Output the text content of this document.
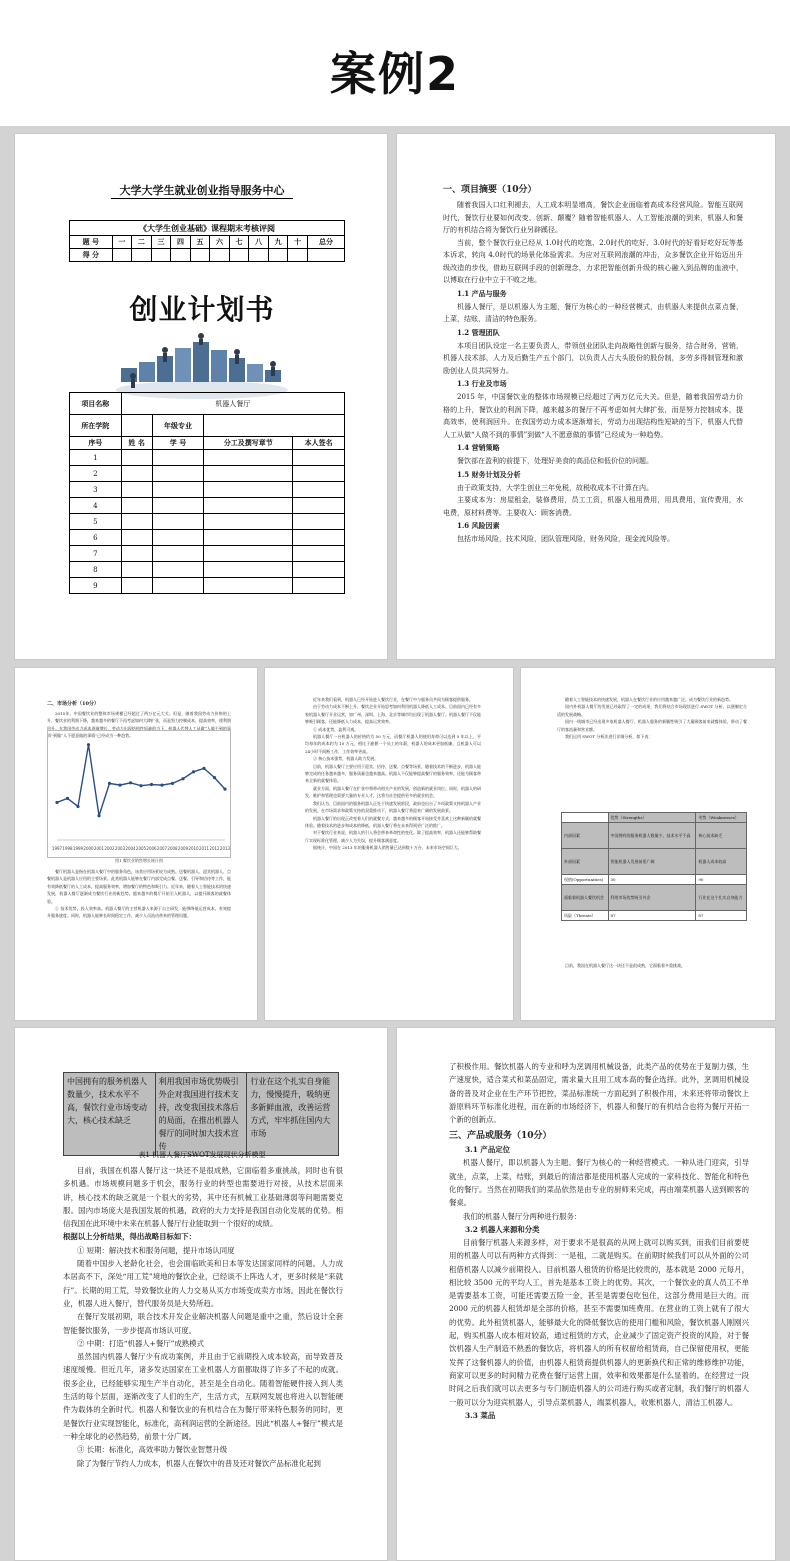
案例2
大学大学生就业创业指导服务中心
《大学生创业基础》课程期末考核评阅											
题 号	一	二	三	四	五	六	七	八	九	十	总分
得 分											
创业计划书
项目名称	机器人餐厅			
所在学院		年级专业		
序号	姓 名	学 号	分工及撰写章节	本人签名
1				
2				
3				
4				
5				
6				
7				
8				
9				
一、项目摘要（10分）

随着我国人口红利褪去，人工成本明显增高，餐饮企业面临着高成本经营风险。智能互联网时代，餐饮行业要如何改变、创新、颠覆？随着智能机器人、人工智能浪潮的到来，机器人和餐厅的有机结合将为餐饮行业另辟蹊径。

当前，整个餐饮行业已经从 1.0时代的吃饱、2.0时代的吃好、3.0时代的好看好吃好玩等基本诉求，转向 4.0时代的场景化体验需求。为应对互联网浪潮的冲击，众多餐饮企业开始迈出升级改造的步伐，借助互联网手段的创新理念，力求把智能创新升级的核心融入到品牌的血液中，以博取在行业中立于不败之地。

1.1 产品与服务

机器人餐厅，是以机器人为主题，餐厅为核心的一种经营模式，由机器人来提供点菜点餐，上菜，结账，清洁的特色服务。

1.2 管理团队

本项目团队设定一名主要负责人，带领创业团队走向战略性创新与服务，结合财务，营销，机器人技术部，人力及后勤生产五个部门，以负责人占大头股份的股份制，多劳多得制管理和激励创业人员共同努力。

1.3 行业及市场

2015 年，中国餐饮业的整体市场规模已经超过了两万亿元大关。但是，随着我国劳动力价格的上升，餐饮业的利润下降，越来越多的餐厅不再考虑如何大肆扩张，而是努力控制成本，提高效率，使利润回升。在我国劳动力成本逐渐增长，劳动力出现结构性短缺的当下，机器人代替人工从做“人做不到的事情”到做“人不愿意做的事情”已经成为一种趋势。

1.4 营销策略

餐饮部在盈利的前提下，处理好美食的高品位和低价位的问题。

1.5 财务计划及分析

由于政策支持，大学生创业三年免税，故税收成本不计算在内。

主要成本为：房屋租金，装修费用，员工工资，机器人租用费用，用具费用，宣传费用，水电费，原材料费等。主要收入：顾客消费。

1.6 风险因素

包括市场风险，技术风险，团队管理风险，财务风险，现金流风险等。

二、市场分析（10分）

2015年，中国餐饮业的整体市场规模已经超过了两万亿元大关。但是，随着我国劳动力价格的上升，餐饮业的利润下降，越来越多的餐厅不再考虑如何大肆扩张，而是努力控制成本，提高效率，使利润回升。在我国劳动力成本逐渐增长，劳动力出现结构性短缺的当下，机器人代替人工从做“人做不到的事情”到做“人不愿意做的事情”已经成为一种趋势。

1997 1998 1999 2000 2001 2002 2003 2004 2005 2006 2007 2008 2009 2010 2011 2012 2013
图1 餐饮业销售增长统计图

餐厅机器人是指在机器人餐厅中的服务角色，该类应用场景较为成熟。送餐机器人、迎宾机器人、点餐机器人是机器人应用的主要场景。此类机器人能够在餐厅内部完成点餐、送餐、引导和招待等工作，能有效降低餐厅的人工成本，提高服务效率，增加餐厅的特色和吸引力。近年来，随着人工智能技术的快速发展，机器人餐厅逐渐成为餐饮行业的新趋势。越来越多的餐厅开始引入机器人，以提升顾客的就餐体验。

① 技术优势，投入效率高。机器人餐厅的主营机器人来源于自主研发，能够降低运营成本，有效提升服务速度。同时，机器人能够长时间稳定工作，减少人员流动带来的管理问题。

近年来我们看到，机器人已经开始进入餐饮行业，在餐厅中与服务员共同为顾客提供服务。

由于劳动力成本不断上升，餐饮企业开始思考如何利用机器人降低人工成本。目前国内已经有多家机器人餐厅开业运营，如广州、深圳、上海、北京等城市均出现了机器人餐厅。机器人餐厅不仅能够吸引顾客，还能降低人力成本，提高运营效率。

① 成本优势，盈利可观。

机器人餐厅一台机器人的价格约为 50 万元，而餐厅机器人的使用寿命可以达到 5 年以上，平均每年的成本约为 10 万元，相比于雇佣一个员工的年薪，机器人的成本更加低廉，且机器人可以24小时不间断工作，工作效率更高。

② 核心技术强势，机器人助力发展。

目前，机器人餐厅主要应用于迎宾、招待、送餐、点餐等场景，随着技术的不断进步，机器人能够完成的任务越来越多，服务质量也越来越高。机器人不仅能够提高餐厅的服务效率，还能为顾客带来全新的就餐体验。

就业方面，机器人餐厅在扩张中将带动相关产业的发展，创造新的就业岗位。同时，机器人的研发、维护和管理也需要大量的专业人才，这将为社会提供更多的就业机会。

我们认为，目前国内的服务机器人正处于快速发展阶段，政府也出台了多项政策支持机器人产业的发展。在市场需求和政策支持的双重推动下，机器人餐厅将迎来广阔的发展前景。

机器人餐厅的出现正改变着人们的就餐方式，越来越多的顾客开始接受并喜欢上这种新颖的就餐体验。随着技术的进步和成本的降低，机器人餐厅将在未来得到更广泛的推广。

对于餐饮行业来说，机器人的引入将会带来革命性的变化。除了提高效率，机器人还能够帮助餐厅实现标准化管理，减少人为失误，提升顾客满意度。

据统计，中国在 2013 年的服务机器人销售量已达到数十万台，未来市场空间巨大。

随着人工智能技术的快速发展，机器人在餐饮行业的应用越来越广泛，成为餐饮行业的新趋势。

国内外机器人餐厅的发展已经取得了一定的成果，我们将结合市场现状进行 SWOT 分析，以便制定合适的发展战略。

国内一线城市已经出现多家机器人餐厅，机器人服务的新颖性吸引了大量顾客前来就餐体验，带动了餐厅的客流量和营业额。

我们运用 SWOT 分析法进行详细分析，如下表：

	优势（Strengths）	劣势（Weaknesses）
内部因素	中国拥有的服务机器人数量少，技术水平不高	核心技术缺乏
外部因素	智能机器人发展前景广阔	机器人成本较高
权值(Opportunities)	30	90
面临着机器人餐饮机会	利用市场优势吸引外企	行业在这个扎实自身能力
风险（Threats）	87	87

目前，我国在机器人餐厅这一块还不是很成熟，它面临着多重挑战。

中国拥有的服务机器人数量少，技术水平不高，餐饮行业市场变动大，核心技术缺乏	利用我国市场优势吸引外企对我国进行技术支持，改变我国技术落后的局面，在推出机器人餐厅的同时加大技术宣传	行业在这个扎实自身能力，慢慢提升，吸纳更多新鲜血液，改善运营方式，牢牢抓住国内大市场
表1 机器人餐厅SWOT发展现状分析模型

目前，我国在机器人餐厅这一块还不是很成熟，它面临着多重挑战，同时也有很多机遇。市场规模问题多于机会，服务行业的转型也需要进行对接，从技术层面来讲，核心技术的缺乏就是一个很大的劣势，其中还有机械工业基础薄弱等问题需要克服。国内市场庞大是我国发展的机遇，政府的大力支持是我国自动化发展的优势。相信我国在此环境中未来在机器人餐厅行业能取到一个很好的成绩。

根据以上分析结果，得出战略目标如下：

① 短期：解决技术和服务问题，提升市场认同度

随着中国步入老龄化社会，也会面临欧美和日本等发达国家同样的问题。人力成本居高不下，深处“用工荒”境地的餐饮企业，已经谈不上阵选人才，更多时候是“来就行”。长期的用工荒，导致餐饮业的人力交易从买方市场变成卖方市场。因此在餐饮行业，机器人进入餐厅，替代服务员是大势所趋。

在餐厅发展初期，联合技术开发企业解决机器人问题是重中之重，然后设计全套智能餐饮服务，一步步提高市场认可度。

② 中期：打造“机器人+餐厅”成熟模式

虽然国内机器人餐厅少有成功案例，并且由于它前期投入成本较高，而导致普及速度缓慢。但近几年，诸多发达国家在工业机器人方面都取得了许多了不起的成就。很多企业，已经能够实现生产半自动化，甚至是全自动化。随着智能硬件接入到人类生活的每个层面，逐渐改变了人们的生产，生活方式，互联网发展也将进入以智能硬件为载体的全新时代。机器人和餐饮业的有机结合在为餐厅带来特色服务的同时，更是餐饮行业实现智能化，标准化，高利润运营的全新途径。因此“机器人+餐厅”模式是一种全球化的必然趋势，前景十分广阔。

③ 长期：标准化，高效率助力餐饮业智慧升级

除了为餐厅节约人力成本，机器人在餐饮中的普及还对餐饮产品标准化起到

了积极作用。餐饮机器人的专业和呼为烹调用机械设备，此类产品的优势在于复制力强，生产速度快，适合菜式和菜品固定，需求量大且用工成本高的餐企选择。此外，烹调用机械设备的普及对企业在生产环节把控，菜品标准统一方面起到了积极作用，未来还将带动餐饮上游原料环节标准化进程，而在新的市场经济下，机器人和餐厅的有机结合也将为餐厅开拓一个新的创新点。

三、产品或服务（10分）
3.1 产品定位

机器人餐厅，即以机器人为主题、餐厅为核心的一种经营模式。一种从进门迎宾，引导就坐，点菜，上菜，结账，到最后的清洁都是使用机器人完成的一家科技化、智能化和特色化的餐厅。当然在初期我们的菜品依然是由专业的厨师来完成，再由端菜机器人送到顾客的餐桌。

我们的机器人餐厅分两种进行服务：

3.2 机器人来源和分类

目前餐厅机器人来源多样，对于要求不是很高的从网上就可以购买到，而我们目前要使用的机器人可以有两种方式得到：一是租，二就是购买。在前期时候我们可以从外面的公司租借机器人以减少前期投入。目前机器人租赁的价格是比较贵的，基本就是 2000 元每月，相比较 3500 元的平均人工，首先是基本工资上的优势。其次，一个餐饮业的真人员工不单是需要基本工资，可能还需要五险一金，甚至是需要包吃包住，这部分费用是巨大的。而 2000 元的机器人租赁却是全部的价格，甚至不需要加班费用。在营业的工资上就有了很大的优势。此外租赁机器人，能够最大化的降低餐饮店的使用门槛和风险，餐饮机器人刚刚兴起，购买机器人成本相对较高，通过租赁的方式，企业减少了固定资产投资的风险，对于餐饮机器人生产制造不熟悉的餐饮店，将机器人的所有权留给租赁商，自己保留使用权，更能发挥了这餐机器人的价值，由机器人租赁商提供机器人的更新换代和正常的维修维护功能，商家可以更多的时间精力花费在餐厅运营上面，效率和效果都是什么显着的。在经营过一段时间之后我们就可以去更多与专门制造机器人的公司进行购买或者定制，我们餐厅的机器人一般可以分为迎宾机器人，引导点菜机器人，端菜机器人，收账机器人，清洁工机器人。

3.3 菜品
